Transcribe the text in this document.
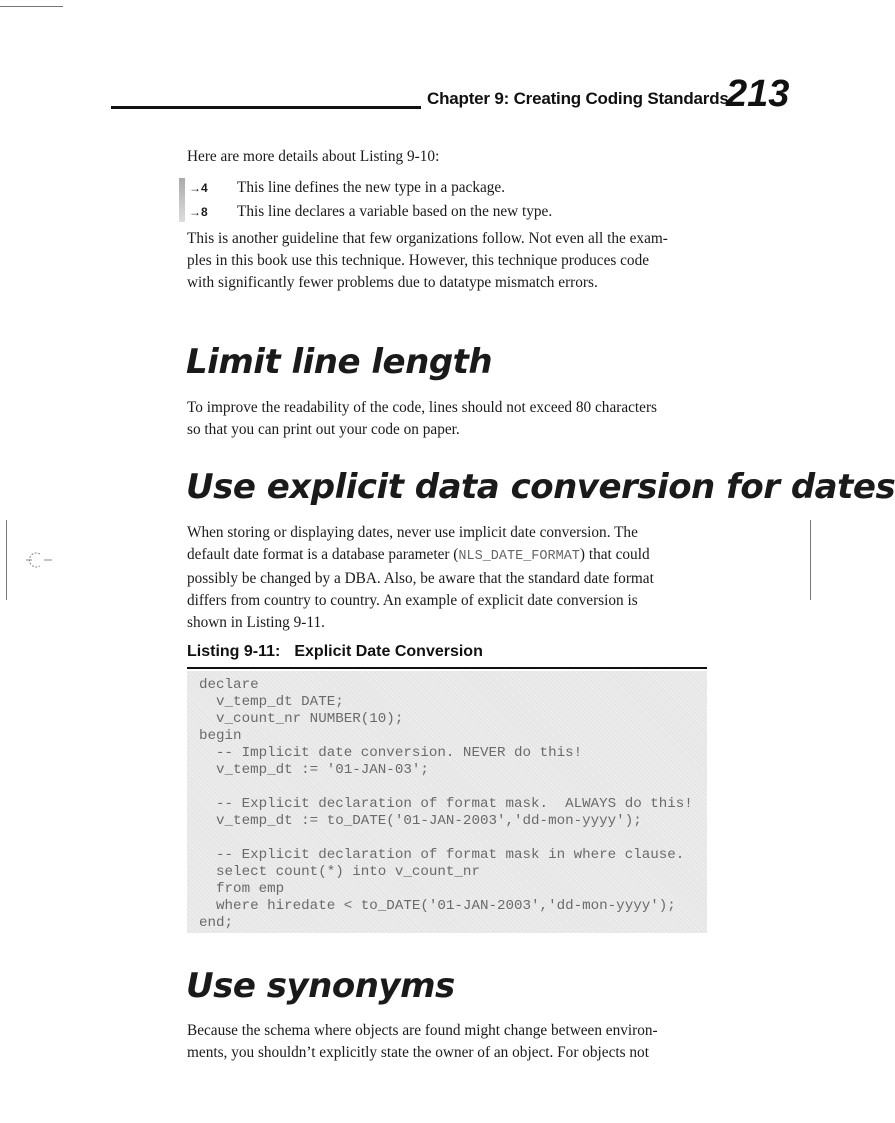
Chapter 9: Creating Coding Standards
213
Here are more details about Listing 9-10:
→4 This line defines the new type in a package.
→8 This line declares a variable based on the new type.
This is another guideline that few organizations follow. Not even all the exam-
ples in this book use this technique. However, this technique produces code
with significantly fewer problems due to datatype mismatch errors.
Limit line length
To improve the readability of the code, lines should not exceed 80 characters
so that you can print out your code on paper.
Use explicit data conversion for dates
When storing or displaying dates, never use implicit date conversion. The
default date format is a database parameter (NLS_DATE_FORMAT) that could
possibly be changed by a DBA. Also, be aware that the standard date format
differs from country to country. An example of explicit date conversion is
shown in Listing 9-11.
Listing 9-11: Explicit Date Conversion
declare
v_temp_dt DATE;
v_count_nr NUMBER(10);
begin
-- Implicit date conversion. NEVER do this!
v_temp_dt := '01-JAN-03';
-- Explicit declaration of format mask.  ALWAYS do this!
v_temp_dt := to_DATE('01-JAN-2003','dd-mon-yyyy');
-- Explicit declaration of format mask in where clause.
select count(*) into v_count_nr
from emp
where hiredate < to_DATE('01-JAN-2003','dd-mon-yyyy');
end;
Use synonyms
Because the schema where objects are found might change between environ-
ments, you shouldn’t explicitly state the owner of an object. For objects not
